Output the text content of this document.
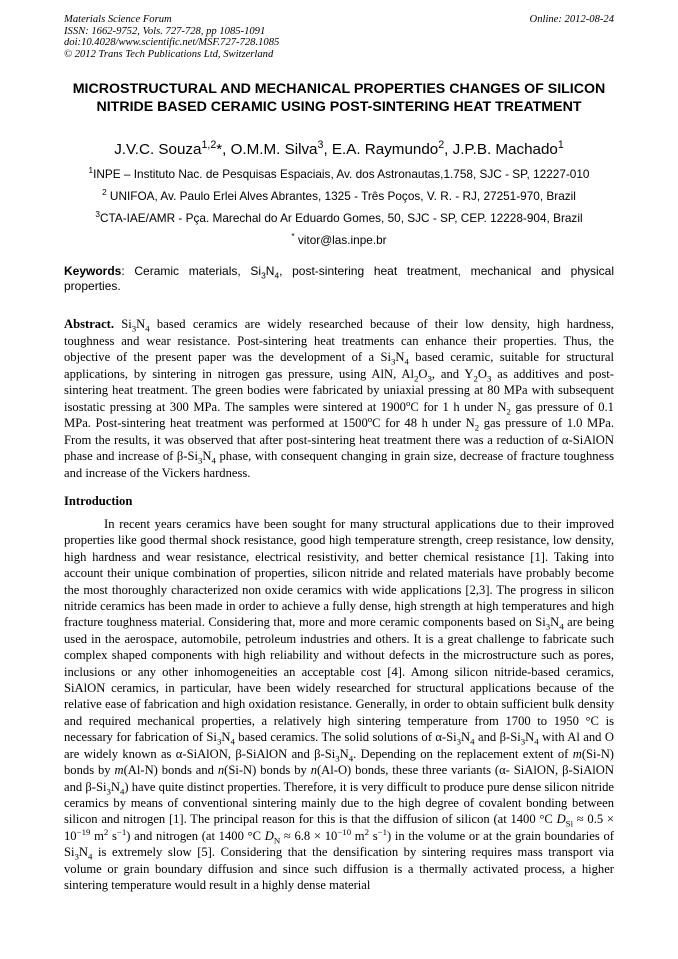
Materials Science Forum
ISSN: 1662-9752, Vols. 727-728, pp 1085-1091
doi:10.4028/www.scientific.net/MSF.727-728.1085
© 2012 Trans Tech Publications Ltd, Switzerland
Online: 2012-08-24
MICROSTRUCTURAL AND MECHANICAL PROPERTIES CHANGES OF SILICON NITRIDE BASED CERAMIC USING POST-SINTERING HEAT TREATMENT
J.V.C. Souza$^{1,2}$*, O.M.M. Silva$^3$, E.A. Raymundo$^2$, J.P.B. Machado$^1$
$^1$INPE – Instituto Nac. de Pesquisas Espaciais, Av. dos Astronautas,1.758, SJC - SP, 12227-010
$^2$ UNIFOA, Av. Paulo Erlei Alves Abrantes, 1325 - Três Poços, V. R. - RJ, 27251-970, Brazil
$^3$CTA-IAE/AMR - Pça. Marechal do Ar Eduardo Gomes, 50, SJC - SP, CEP. 12228-904, Brazil
* vitor@las.inpe.br
Keywords: Ceramic materials, $Si_3N_4$, post-sintering heat treatment, mechanical and physical properties.
Abstract. $Si_3N_4$ based ceramics are widely researched because of their low density, high hardness, toughness and wear resistance. Post-sintering heat treatments can enhance their properties. Thus, the objective of the present paper was the development of a $Si_3N_4$ based ceramic, suitable for structural applications, by sintering in nitrogen gas pressure, using AlN, $Al_2O_3$, and $Y_2O_3$ as additives and post-sintering heat treatment. The green bodies were fabricated by uniaxial pressing at 80 MPa with subsequent isostatic pressing at 300 MPa. The samples were sintered at 1900$^o$C for 1 h under $N_2$ gas pressure of 0.1 MPa. Post-sintering heat treatment was performed at 1500$^o$C for 48 h under $N_2$ gas pressure of 1.0 MPa. From the results, it was observed that after post-sintering heat treatment there was a reduction of α-SiAlON phase and increase of $\beta-Si_3N_4$ phase, with consequent changing in grain size, decrease of fracture toughness and increase of the Vickers hardness.
Introduction
In recent years ceramics have been sought for many structural applications due to their improved properties like good thermal shock resistance, good high temperature strength, creep resistance, low density, high hardness and wear resistance, electrical resistivity, and better chemical resistance [1]. Taking into account their unique combination of properties, silicon nitride and related materials have probably become the most thoroughly characterized non oxide ceramics with wide applications [2,3]. The progress in silicon nitride ceramics has been made in order to achieve a fully dense, high strength at high temperatures and high fracture toughness material. Considering that, more and more ceramic components based on $Si_3N_4$ are being used in the aerospace, automobile, petroleum industries and others. It is a great challenge to fabricate such complex shaped components with high reliability and without defects in the microstructure such as pores, inclusions or any other inhomogeneities an acceptable cost [4]. Among silicon nitride-based ceramics, SiAlON ceramics, in particular, have been widely researched for structural applications because of the relative ease of fabrication and high oxidation resistance. Generally, in order to obtain sufficient bulk density and required mechanical properties, a relatively high sintering temperature from 1700 to 1950 °C is necessary for fabrication of $Si_3N_4$ based ceramics. The solid solutions of $\alpha-Si_3N_4$ and $\beta-Si_3N_4$ with Al and O are widely known as α-SiAlON, β-SiAlON and $\beta-Si_3N_4$. Depending on the replacement extent of m(Si-N) bonds by m(Al-N) bonds and n(Si-N) bonds by n(Al-O) bonds, these three variants (α- SiAlON, β-SiAlON and $\beta-Si_3N_4$) have quite distinct properties. Therefore, it is very difficult to produce pure dense silicon nitride ceramics by means of conventional sintering mainly due to the high degree of covalent bonding between silicon and nitrogen [1]. The principal reason for this is that the diffusion of silicon (at 1400 °C $D_{Si} \approx 0.5 \times 10^{-19}$ $m^2$ $s^{-1}$) and nitrogen (at 1400 °C $D_N \approx 6.8 \times 10^{-10}$ $m^2$ $s^{-1}$) in the volume or at the grain boundaries of $Si_3N_4$ is extremely slow [5]. Considering that the densification by sintering requires mass transport via volume or grain boundary diffusion and since such diffusion is a thermally activated process, a higher sintering temperature would result in a highly dense material
